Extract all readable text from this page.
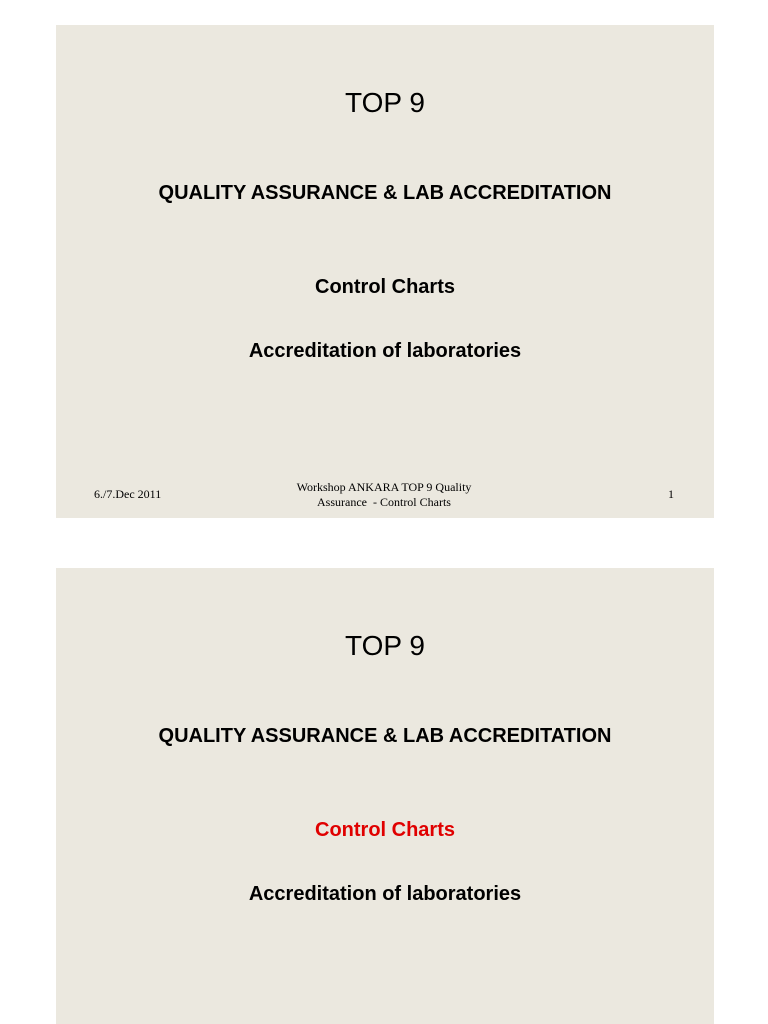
TOP 9
QUALITY ASSURANCE & LAB ACCREDITATION
Control Charts
Accreditation of laboratories
6./7.Dec 2011	Workshop ANKARA TOP 9 Quality
Assurance  - Control Charts
1
TOP 9
QUALITY ASSURANCE & LAB ACCREDITATION
Control Charts
Accreditation of laboratories
